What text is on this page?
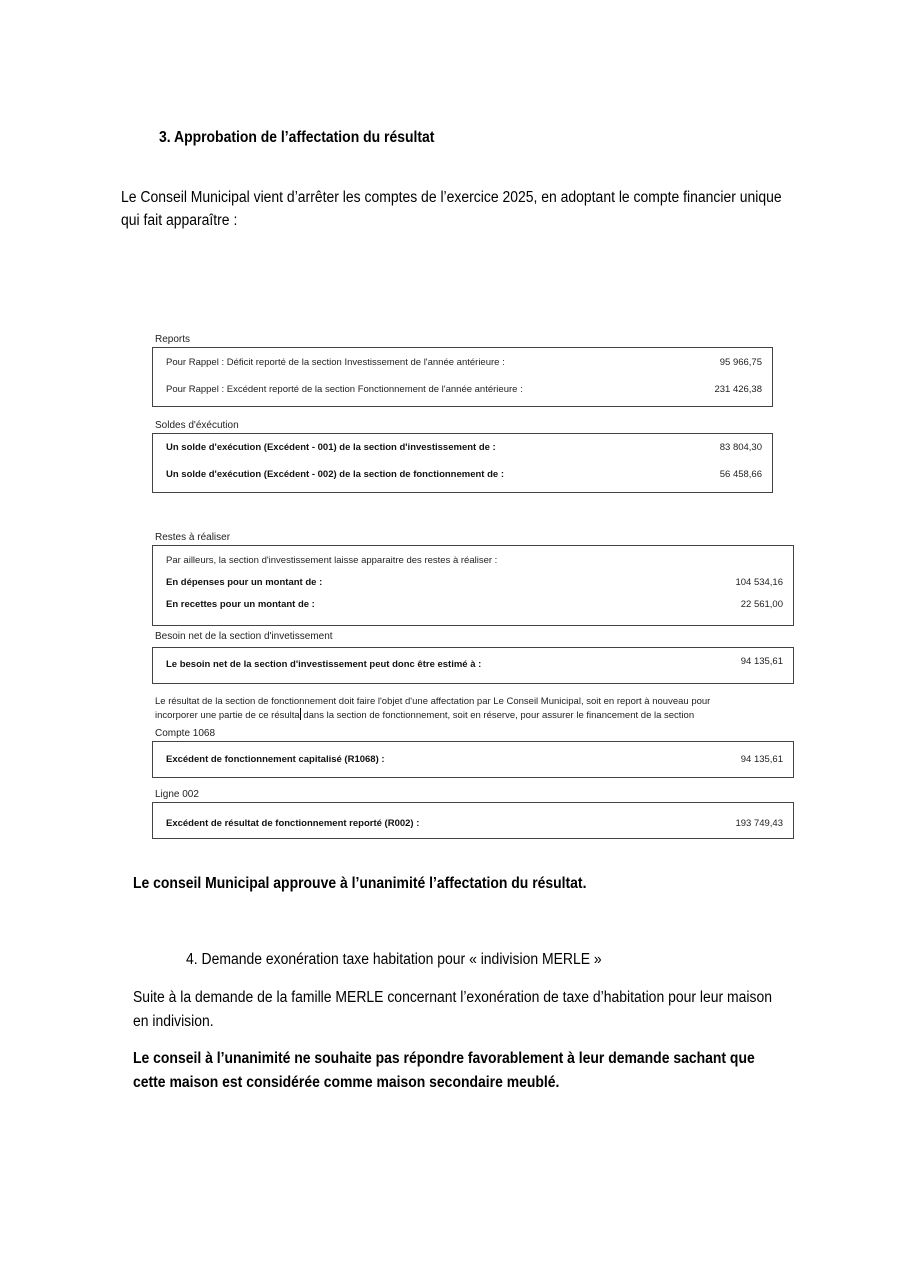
3. Approbation de l’affectation du résultat
Le Conseil Municipal vient d’arrêter les comptes de l’exercice 2025, en adoptant le compte financier unique
qui fait apparaître :
Reports
Pour Rappel : Déficit reporté de la section Investissement de l'année antérieure :	95 966,75
Pour Rappel : Excédent reporté de la section Fonctionnement de l'année antérieure :	231 426,38
Soldes d'éxécution
Un solde d'exécution (Excédent - 001) de la section d'investissement de :	83 804,30
Un solde d'exécution (Excédent - 002) de la section de fonctionnement de :	56 458,66
Restes à réaliser
Par ailleurs, la section d'investissement laisse apparaitre des restes à réaliser :
En dépenses pour un montant de :	104 534,16
En recettes pour un montant de :	22 561,00
Besoin net de la section d'invetissement
Le besoin net de la section d'investissement peut donc être estimé à :	94 135,61
Le résultat de la section de fonctionnement doit faire l'objet d'une affectation par Le Conseil Municipal, soit en report à nouveau pour
incorporer une partie de ce résulta dans la section de fonctionnement, soit en réserve, pour assurer le financement de la section
Compte 1068
Excédent de fonctionnement capitalisé (R1068) :	94 135,61
Ligne 002
Excédent de résultat de fonctionnement reporté (R002) :	193 749,43
Le conseil Municipal approuve à l’unanimité l’affectation du résultat.
4. Demande exonération taxe habitation pour « indivision MERLE »
Suite à la demande de la famille MERLE concernant l’exonération de taxe d’habitation pour leur maison
en indivision.
Le conseil à l’unanimité ne souhaite pas répondre favorablement à leur demande sachant que
cette maison est considérée comme maison secondaire meublé.
